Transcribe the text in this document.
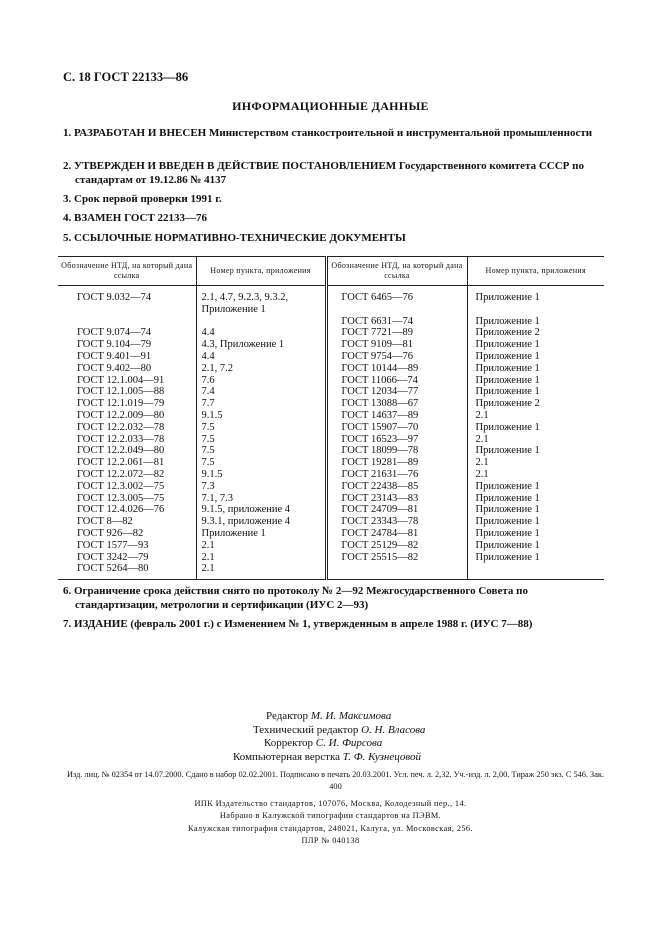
С. 18 ГОСТ 22133—86
ИНФОРМАЦИОННЫЕ ДАННЫЕ
1. РАЗРАБОТАН И ВНЕСЕН Министерством станкостроительной и инструментальной промышленности
2. УТВЕРЖДЕН И ВВЕДЕН В ДЕЙСТВИЕ ПОСТАНОВЛЕНИЕМ Государственного комитета СССР по стандартам от 19.12.86 № 4137
3. Срок первой проверки 1991 г.
4. ВЗАМЕН ГОСТ 22133—76
5. ССЫЛОЧНЫЕ НОРМАТИВНО-ТЕХНИЧЕСКИЕ ДОКУМЕНТЫ
Обозначение НТД, на который дана ссылка	Номер пункта, приложения	Обозначение НТД, на который дана ссылка	Номер пункта, приложения
ГОСТ 9.032—74	2.1, 4.7, 9.2.3, 9.3.2, Приложение 1	ГОСТ 6465—76	Приложение 1
		ГОСТ 6631—74	Приложение 1
ГОСТ 9.074—74	4.4	ГОСТ 7721—89	Приложение 2
ГОСТ 9.104—79	4.3, Приложение 1	ГОСТ 9109—81	Приложение 1
ГОСТ 9.401—91	4.4	ГОСТ 9754—76	Приложение 1
ГОСТ 9.402—80	2.1, 7.2	ГОСТ 10144—89	Приложение 1
ГОСТ 12.1.004—91	7.6	ГОСТ 11066—74	Приложение 1
ГОСТ 12.1.005—88	7.4	ГОСТ 12034—77	Приложение 1
ГОСТ 12.1.019—79	7.7	ГОСТ 13088—67	Приложение 2
ГОСТ 12.2.009—80	9.1.5	ГОСТ 14637—89	2.1
ГОСТ 12.2.032—78	7.5	ГОСТ 15907—70	Приложение 1
ГОСТ 12.2.033—78	7.5	ГОСТ 16523—97	2.1
ГОСТ 12.2.049—80	7.5	ГОСТ 18099—78	Приложение 1
ГОСТ 12.2.061—81	7.5	ГОСТ 19281—89	2.1
ГОСТ 12.2.072—82	9.1.5	ГОСТ 21631—76	2.1
ГОСТ 12.3.002—75	7.3	ГОСТ 22438—85	Приложение 1
ГОСТ 12.3.005—75	7.1, 7.3	ГОСТ 23143—83	Приложение 1
ГОСТ 12.4.026—76	9.1.5, приложение 4	ГОСТ 24709—81	Приложение 1
ГОСТ 8—82	9.3.1, приложение 4	ГОСТ 23343—78	Приложение 1
ГОСТ 926—82	Приложение 1	ГОСТ 24784—81	Приложение 1
ГОСТ 1577—93	2.1	ГОСТ 25129—82	Приложение 1
ГОСТ 3242—79	2.1	ГОСТ 25515—82	Приложение 1
ГОСТ 5264—80	2.1		
6. Ограничение срока действия снято по протоколу № 2—92 Межгосударственного Совета по стандартизации, метрологии и сертификации (ИУС 2—93)
7. ИЗДАНИЕ (февраль 2001 г.) с Изменением № 1, утвержденным в апреле 1988 г. (ИУС 7—88)
Редактор М. И. Максимова
Технический редактор О. Н. Власова
Корректор С. И. Фирсова
Компьютерная верстка Т. Ф. Кузнецовой
Изд. лиц. № 02354 от 14.07.2000. Сдано в набор 02.02.2001. Подписано в печать 20.03.2001. Усл. печ. л. 2,32. Уч.-изд. л. 2,00. Тираж 250 экз. С 546. Зак. 400
ИПК Издательство стандартов, 107076, Москва, Колодезный пер., 14.
Набрано в Калужской типографии стандартов на ПЭВМ.
Калужская типография стандартов, 248021, Калуга, ул. Московская, 256.
ПЛР № 040138
